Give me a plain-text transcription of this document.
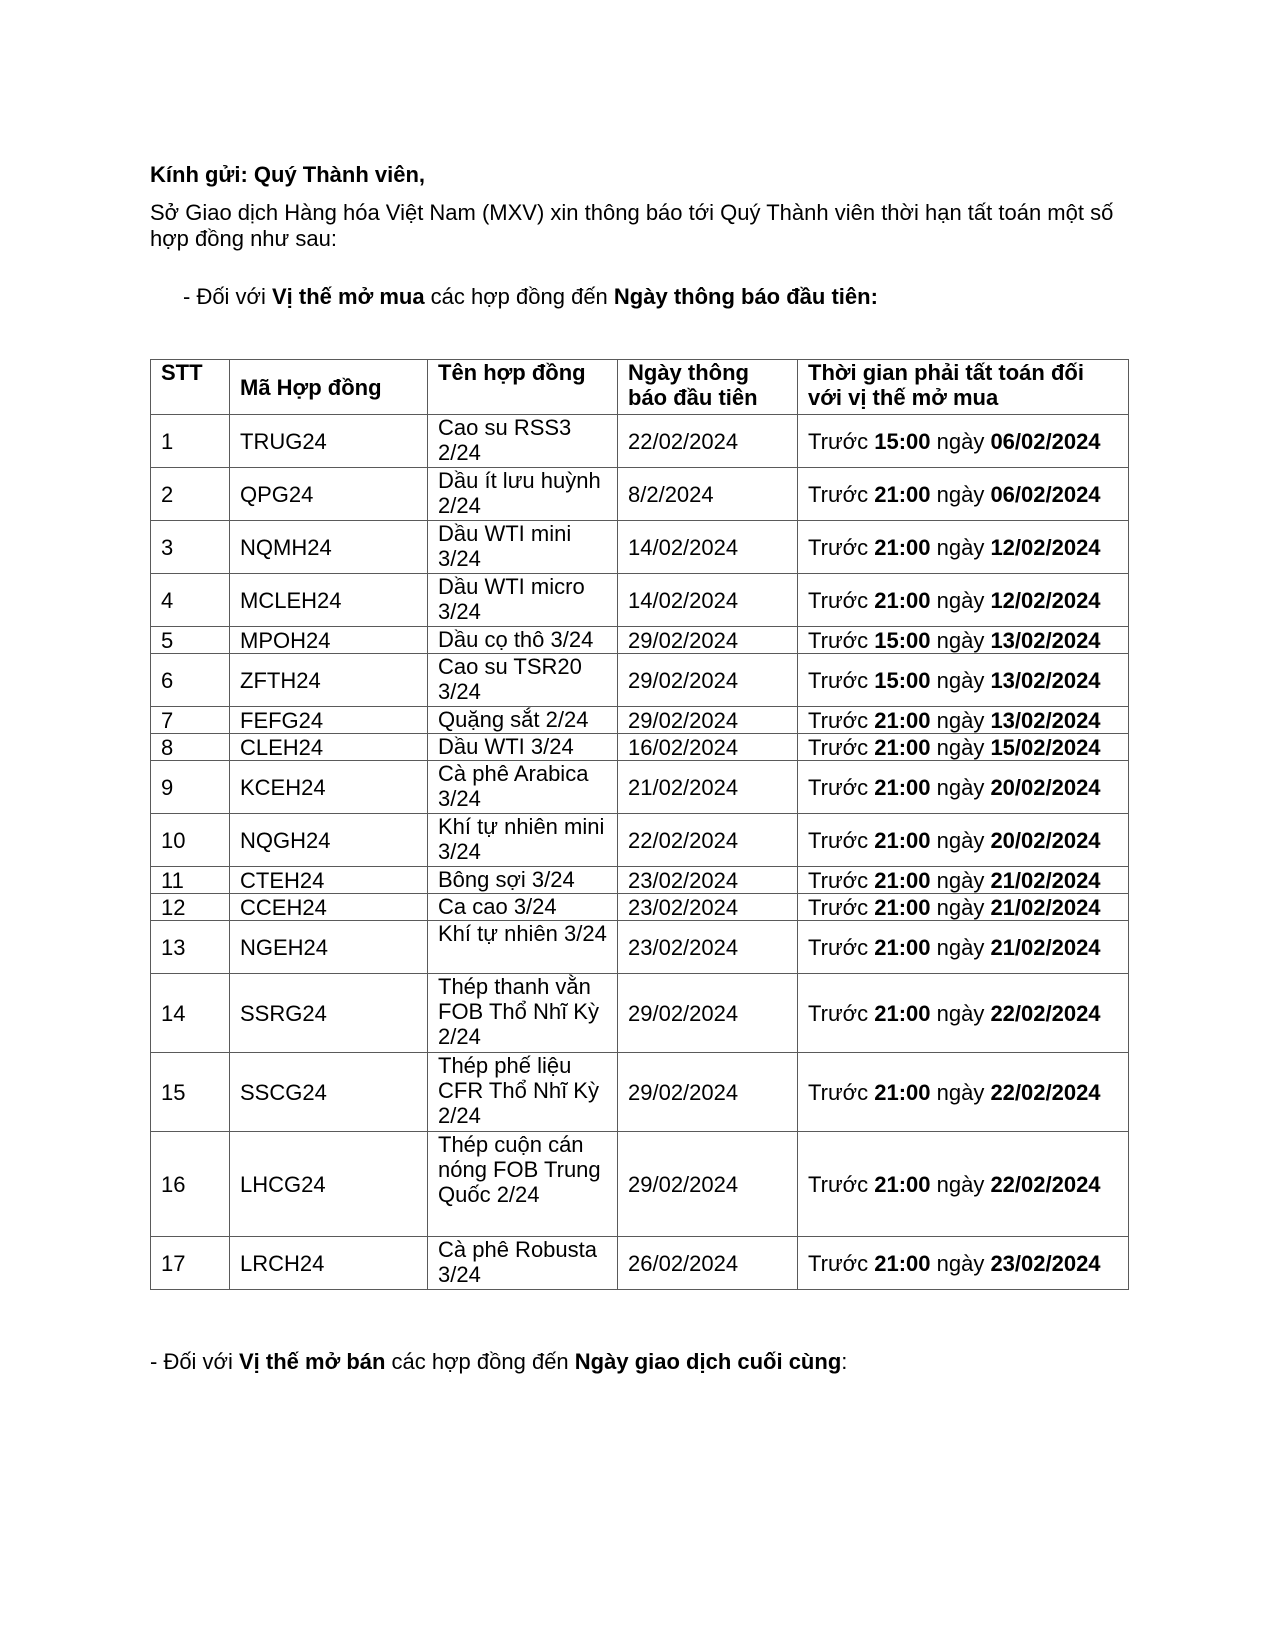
Kính gửi: Quý Thành viên,

Sở Giao dịch Hàng hóa Việt Nam (MXV) xin thông báo tới Quý Thành viên thời hạn tất toán một số hợp đồng như sau:

- Đối với Vị thế mở mua các hợp đồng đến Ngày thông báo đầu tiên:

STT	Mã Hợp đồng	Tên hợp đồng	Ngày thông báo đầu tiên	Thời gian phải tất toán đối với vị thế mở mua
1	TRUG24	Cao su RSS3 2/24	22/02/2024	Trước 15:00 ngày 06/02/2024
2	QPG24	Dầu ít lưu huỳnh 2/24	8/2/2024	Trước 21:00 ngày 06/02/2024
3	NQMH24	Dầu WTI mini 3/24	14/02/2024	Trước 21:00 ngày 12/02/2024
4	MCLEH24	Dầu WTI micro 3/24	14/02/2024	Trước 21:00 ngày 12/02/2024
5	MPOH24	Dầu cọ thô 3/24	29/02/2024	Trước 15:00 ngày 13/02/2024
6	ZFTH24	Cao su TSR20 3/24	29/02/2024	Trước 15:00 ngày 13/02/2024
7	FEFG24	Quặng sắt 2/24	29/02/2024	Trước 21:00 ngày 13/02/2024
8	CLEH24	Dầu WTI 3/24	16/02/2024	Trước 21:00 ngày 15/02/2024
9	KCEH24	Cà phê Arabica 3/24	21/02/2024	Trước 21:00 ngày 20/02/2024
10	NQGH24	Khí tự nhiên mini 3/24	22/02/2024	Trước 21:00 ngày 20/02/2024
11	CTEH24	Bông sợi 3/24	23/02/2024	Trước 21:00 ngày 21/02/2024
12	CCEH24	Ca cao 3/24	23/02/2024	Trước 21:00 ngày 21/02/2024
13	NGEH24	Khí tự nhiên 3/24	23/02/2024	Trước 21:00 ngày 21/02/2024
14	SSRG24	Thép thanh vằn FOB Thổ Nhĩ Kỳ 2/24	29/02/2024	Trước 21:00 ngày 22/02/2024
15	SSCG24	Thép phế liệu CFR Thổ Nhĩ Kỳ 2/24	29/02/2024	Trước 21:00 ngày 22/02/2024
16	LHCG24	Thép cuộn cán nóng FOB Trung Quốc 2/24	29/02/2024	Trước 21:00 ngày 22/02/2024
17	LRCH24	Cà phê Robusta 3/24	26/02/2024	Trước 21:00 ngày 23/02/2024

- Đối với Vị thế mở bán các hợp đồng đến Ngày giao dịch cuối cùng:
